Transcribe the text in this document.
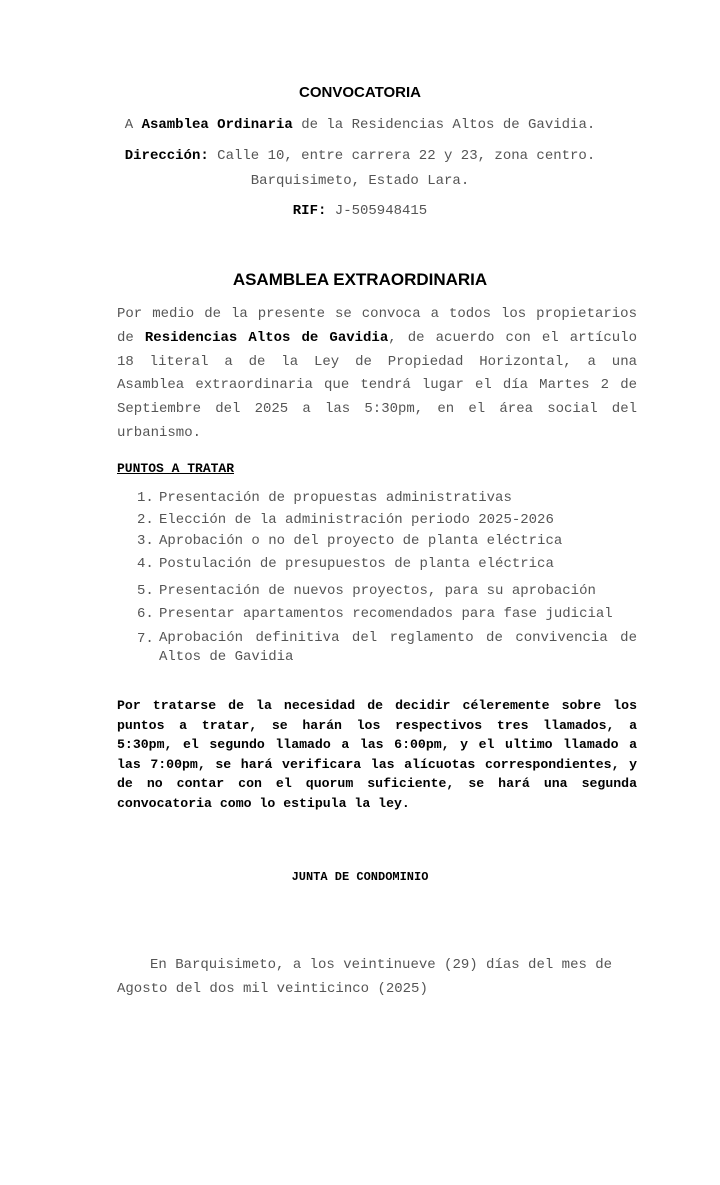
CONVOCATORIA
A Asamblea Ordinaria de la Residencias Altos de Gavidia.
Dirección: Calle 10, entre carrera 22 y 23, zona centro.
Barquisimeto, Estado Lara.
RIF: J-505948415
ASAMBLEA EXTRAORDINARIA
Por medio de la presente se convoca a todos los propietarios de Residencias Altos de Gavidia, de acuerdo con el artículo 18 literal a de la Ley de Propiedad Horizontal, a una Asamblea extraordinaria que tendrá lugar el día Martes 2 de Septiembre del 2025 a las 5:30pm, en el área social del urbanismo.
PUNTOS A TRATAR
1. Presentación de propuestas administrativas
2. Elección de la administración periodo 2025-2026
3. Aprobación o no del proyecto de planta eléctrica
4. Postulación de presupuestos de planta eléctrica
5. Presentación de nuevos proyectos, para su aprobación
6. Presentar apartamentos recomendados para fase judicial
7. Aprobación definitiva del reglamento de convivencia de Altos de Gavidia
Por tratarse de la necesidad de decidir céleremente sobre los puntos a tratar, se harán los respectivos tres llamados, a 5:30pm, el segundo llamado a las 6:00pm, y el ultimo llamado a las 7:00pm, se hará verificara las alícuotas correspondientes, y de no contar con el quorum suficiente, se hará una segunda convocatoria como lo estipula la ley.
JUNTA DE CONDOMINIO
En Barquisimeto, a los veintinueve (29) días del mes de
Agosto del dos mil veinticinco (2025)
